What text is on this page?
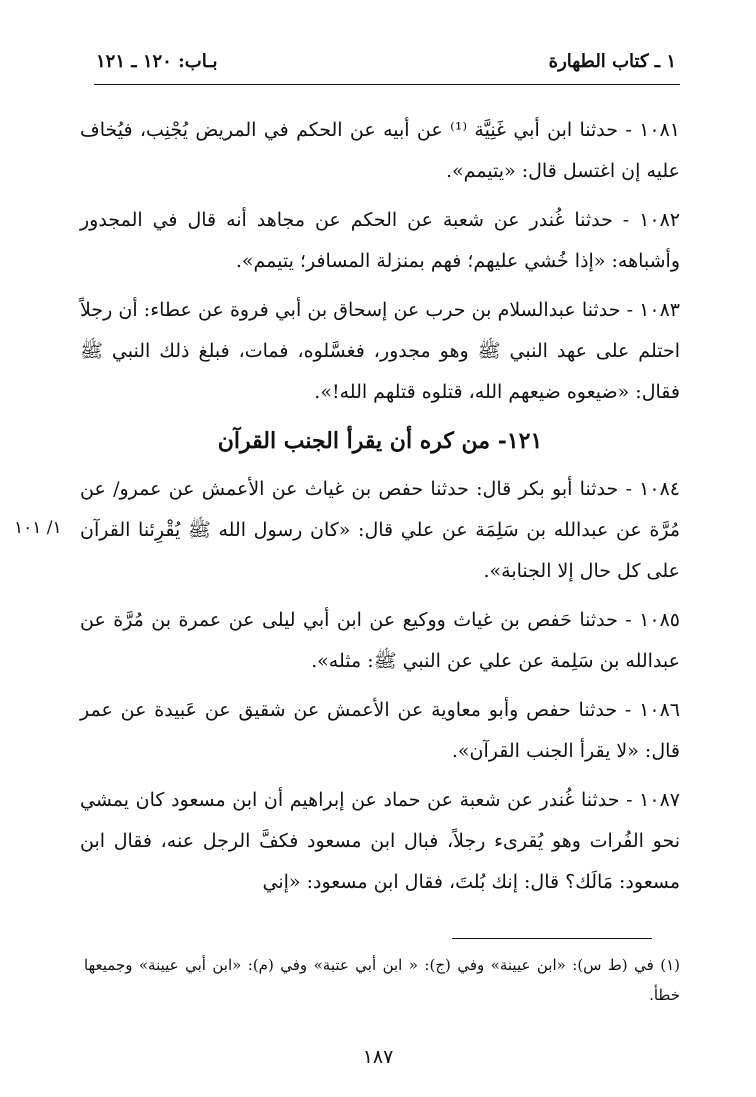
١ ـ كتاب الطهارة
بـاب: ١٢٠ ـ ١٢١

١٠٨١ - حدثنا ابن أبي غَنِيَّة ⁽¹⁾ عن أبيه عن الحكم في المريض يُجْنِب، فيُخاف عليه إن اغتسل قال: «يتيمم».

١٠٨٢ - حدثنا غُندر عن شعبة عن الحكم عن مجاهد أنه قال في المجدور وأشباهه: «إذا خُشي عليهم؛ فهم بمنزلة المسافر؛ يتيمم».

١٠٨٣ - حدثنا عبدالسلام بن حرب عن إسحاق بن أبي فروة عن عطاء: أن رجلاً احتلم على عهد النبي ﷺ وهو مجدور، فغسَّلوه، فمات، فبلغ ذلك النبي ﷺ فقال: «ضيعوه ضيعهم الله، قتلوه قتلهم الله!».

١٢١- من كره أن يقرأ الجنب القرآن

١٠٨٤ - حدثنا أبو بكر قال: حدثنا حفص بن غياث عن الأعمش عن عمرو/ عن مُرَّة عن عبدالله بن سَلِمَة عن علي قال: «كان رسول الله ﷺ يُقْرِئنا القرآن على كل حال إلا الجنابة».

١٠٨٥ - حدثنا حَفص بن غياث ووكيع عن ابن أبي ليلى عن عمرة بن مُرَّة عن عبدالله بن سَلِمة عن علي عن النبي ﷺ: مثله».

١٠٨٦ - حدثنا حفص وأبو معاوية عن الأعمش عن شقيق عن عَبيدة عن عمر قال: «لا يقرأ الجنب القرآن».

١٠٨٧ - حدثنا غُندر عن شعبة عن حماد عن إبراهيم أن ابن مسعود كان يمشي نحو الفُرات وهو يُقرىء رجلاً، فبال ابن مسعود فكفَّ الرجل عنه، فقال ابن مسعود: مَالَك؟ قال: إنك بُلتَ، فقال ابن مسعود: «إني

١/ ١٠١
(١) في (ط س): «ابن عيينة» وفي (ج): « ابن أبي عتبة» وفي (م): «ابن أبي عيينة» وجميعها خطأ.
١٨٧
